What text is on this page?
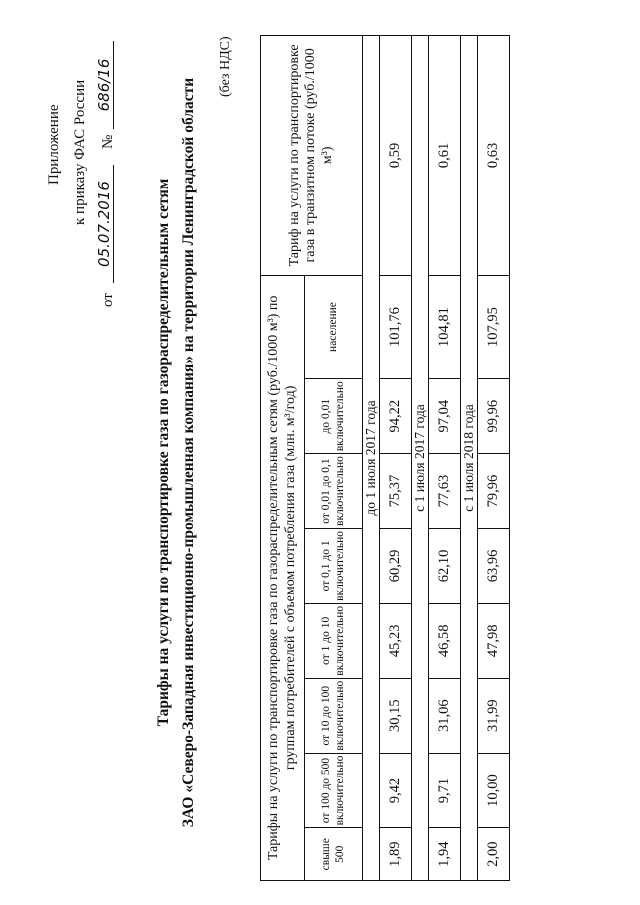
Приложение к приказу ФАС России
от
05.07.2016
№
686/16
Тарифы на услуги по транспортировке газа по газораспределительным сетям ЗАО «Северо-Западная инвестиционно-промышленная компания» на территории Ленинградской области
(без НДС)
Тарифы на услуги по транспортировке газа по газораспределительным сетям (руб./1000 м³) по группам потребителей с объемом потребления газа (млн. м³/год)								Тариф на услуги по транспортировке газа в транзитном потоке (руб./1000 м³)
свыше 500	от 100 до 500 включительно	от 10 до 100 включительно	от 1 до 10 включительно	от 0,1 до 1 включительно	от 0,01 до 0,1 включительно	до 0,01 включительно	население	
до 1 июля 2017 года								
1,89	9,42	30,15	45,23	60,29	75,37	94,22	101,76	0,59
с 1 июля 2017 года								
1,94	9,71	31,06	46,58	62,10	77,63	97,04	104,81	0,61
с 1 июля 2018 года								
2,00	10,00	31,99	47,98	63,96	79,96	99,96	107,95	0,63
